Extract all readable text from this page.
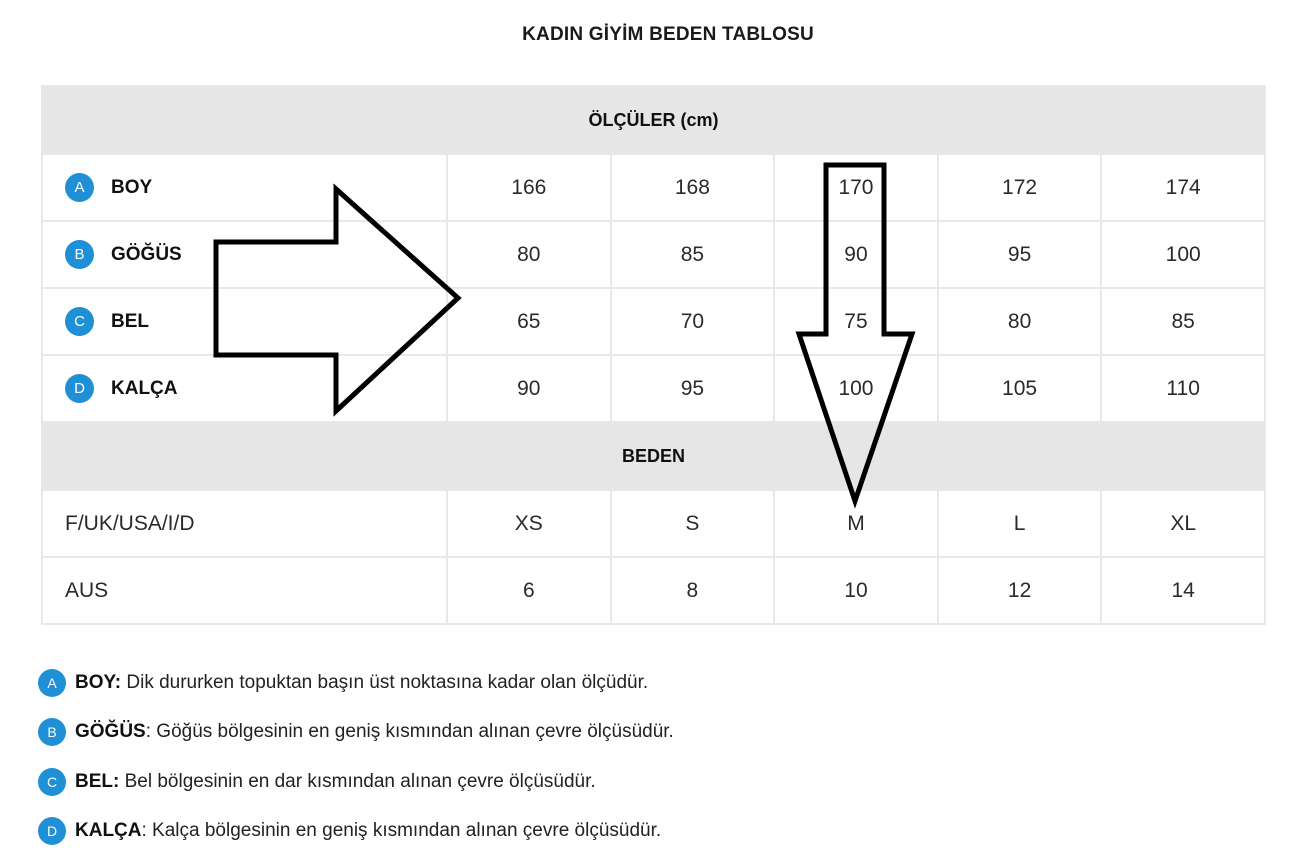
KADIN GİYİM BEDEN TABLOSU
ÖLÇÜLER (cm)					

A BOY	166	168	170	172	174

B GÖĞÜS	80	85	90	95	100

C BEL	65	70	75	80	85

D KALÇA	90	95	100	105	110
BEDEN					
F/UK/USA/I/D	XS	S	M	L	XL
AUS	6	8	10	12	14
A BOY: Dik dururken topuktan başın üst noktasına kadar olan ölçüdür.
B GÖĞÜS: Göğüs bölgesinin en geniş kısmından alınan çevre ölçüsüdür.
C BEL: Bel bölgesinin en dar kısmından alınan çevre ölçüsüdür.
D KALÇA: Kalça bölgesinin en geniş kısmından alınan çevre ölçüsüdür.
